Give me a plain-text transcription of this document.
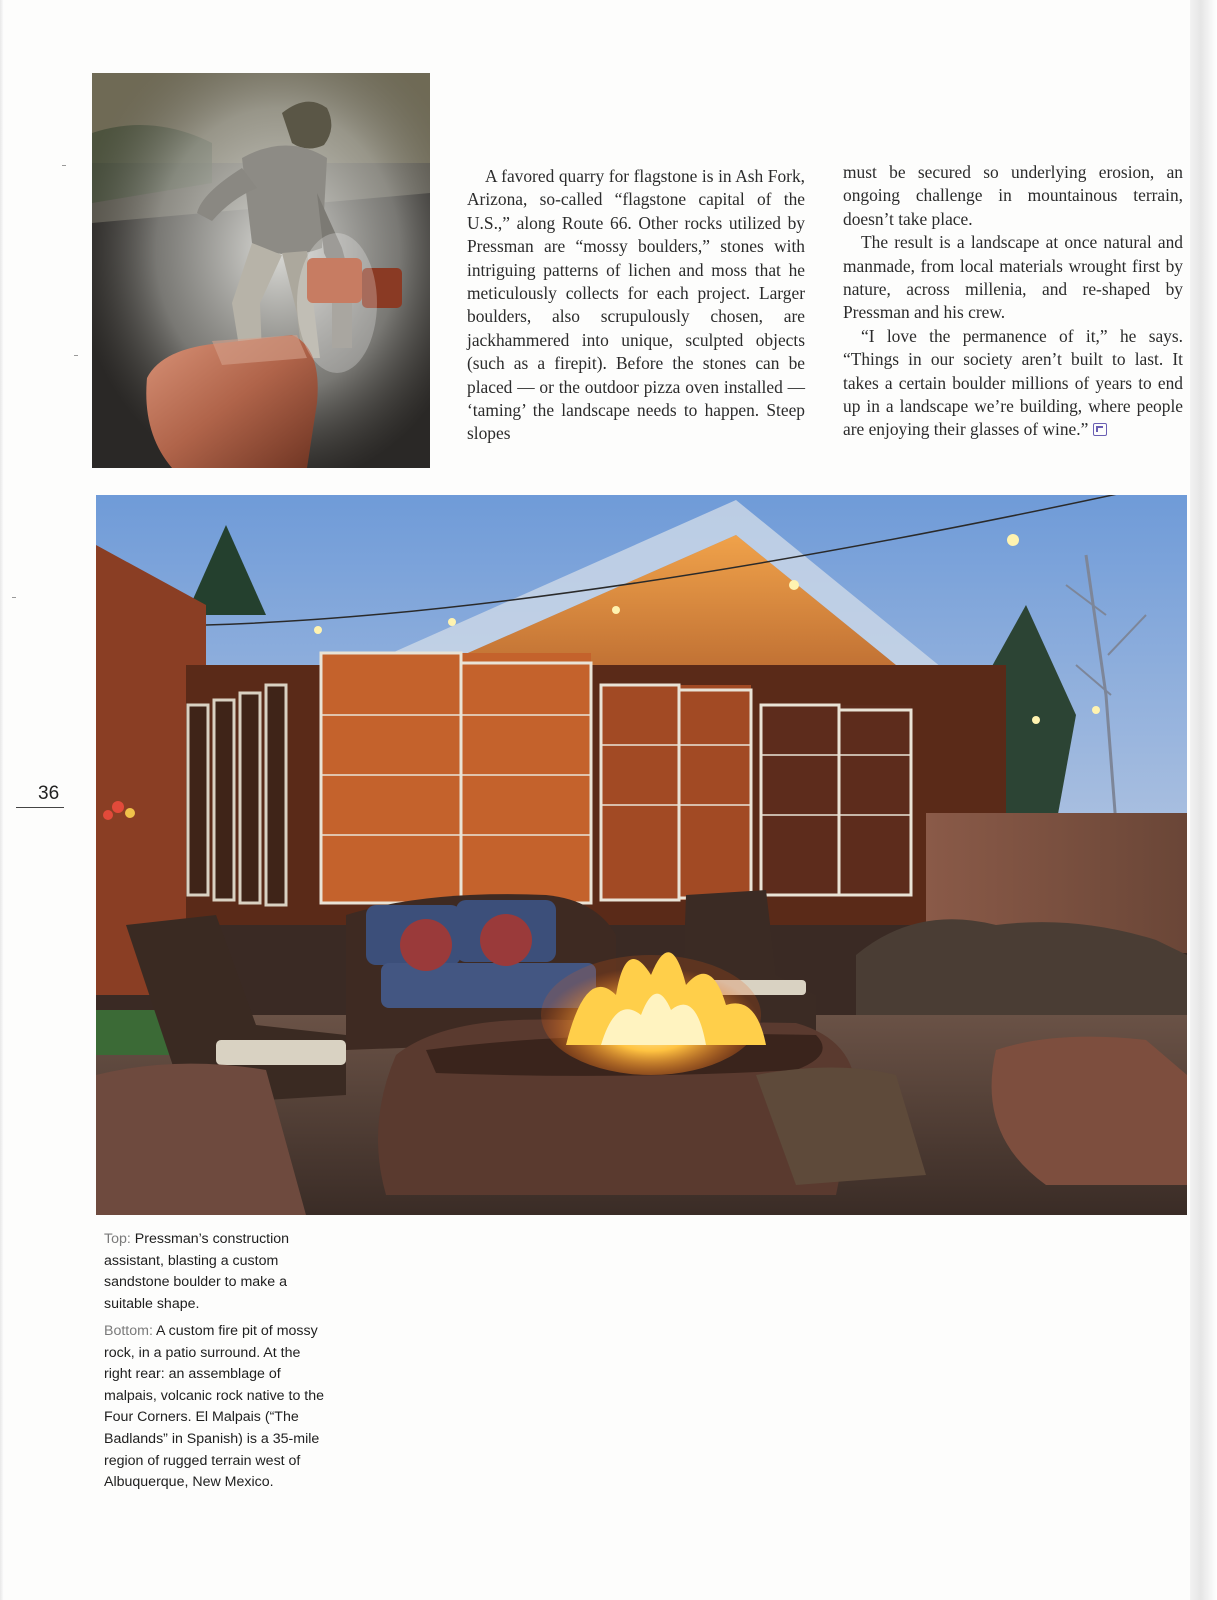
A favored quarry for flagstone is in Ash Fork, Arizona, so-called “flagstone capital of the U.S.,” along Route 66. Other rocks utilized by Pressman are “mossy boulders,” stones with intriguing patterns of lichen and moss that he meticulously collects for each project. Larger boulders, also scrupulously chosen, are jackhammered into unique, sculpted objects (such as a firepit). Before the stones can be placed — or the outdoor pizza oven installed — ‘taming’ the landscape needs to happen. Steep slopes

must be secured so underlying erosion, an ongoing challenge in mountainous terrain, doesn’t take place.

The result is a landscape at once natural and manmade, from local materials wrought first by nature, across millenia, and re-shaped by Pressman and his crew.

“I love the permanence of it,” he says. “Things in our society aren’t built to last. It takes a certain boulder millions of years to end up in a landscape we’re building, where people are enjoying their glasses of wine.”

36

Top: Pressman’s construction assistant, blasting a custom sandstone boulder to make a suitable shape.

Bottom: A custom fire pit of mossy rock, in a patio surround. At the right rear: an assemblage of malpais, volcanic rock native to the Four Corners. El Malpais (“The Badlands” in Spanish) is a 35-mile region of rugged terrain west of Albuquerque, New Mexico.
